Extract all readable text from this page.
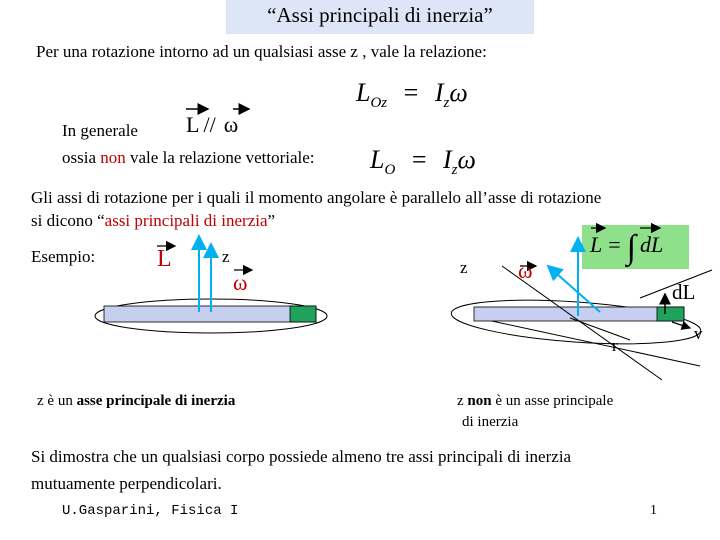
“Assi principali di inerzia”
Per una rotazione intorno ad un qualsiasi asse z , vale la relazione:
$L_{Oz} = I_z\omega$
In generale L // ω
ossia non vale la relazione vettoriale: $L_O = I_z\omega$
Gli assi di rotazione per i quali il momento angolare è parallelo all’asse di rotazione
si dicono “assi principali di inerzia”
Esempio:	L	z
ω
z è un asse principale di inerzia
z ω
dL
r
v
L = ∫ dL
z non è un asse principale
di inerzia
Si dimostra che un qualsiasi corpo possiede almeno tre assi principali di inerzia
mutuamente perpendicolari.
U.Gasparini, Fisica I	1
